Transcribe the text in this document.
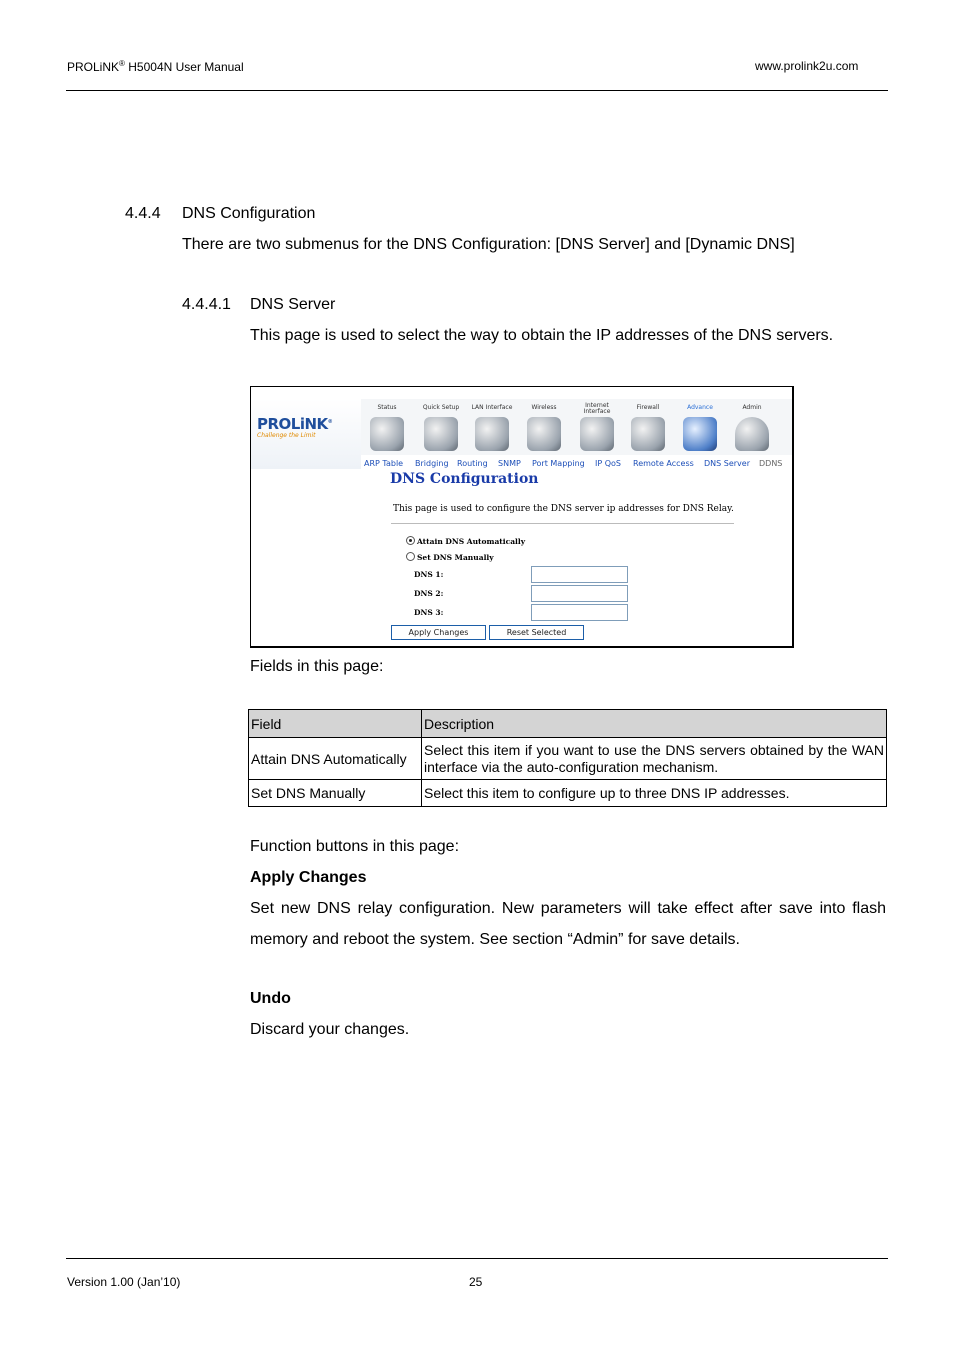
PROLiNK® H5004N User Manual	www.prolink2u.com
4.4.4 DNS Configuration
There are two submenus for the DNS Configuration: [DNS Server] and [Dynamic DNS]
4.4.4.1 DNS Server
This page is used to select the way to obtain the IP addresses of the DNS servers.
PROLiNK®
Challenge the Limit
Status	Quick Setup	LAN Interface	Wireless	Internet Interface
Firewall	Advance	Admin
ARP Table Bridging Routing SNMP Port Mapping IP QoS Remote Access DNS Server DDNS
DNS Configuration
This page is used to configure the DNS server ip addresses for DNS Relay.
Attain DNS Automatically
Set DNS Manually
DNS 1:
DNS 2:
DNS 3:
Apply Changes	Reset Selected
Fields in this page:
Field	Description
Attain DNS Automatically	Select this item if you want to use the DNS servers obtained by the WAN interface via the auto-configuration mechanism.
Set DNS Manually	Select this item to configure up to three DNS IP addresses.
Function buttons in this page:
Apply Changes
Set new DNS relay configuration. New parameters will take effect after save into flash memory and reboot the system. See section “Admin” for save details.
Undo
Discard your changes.
Version 1.00 (Jan’10)	25
